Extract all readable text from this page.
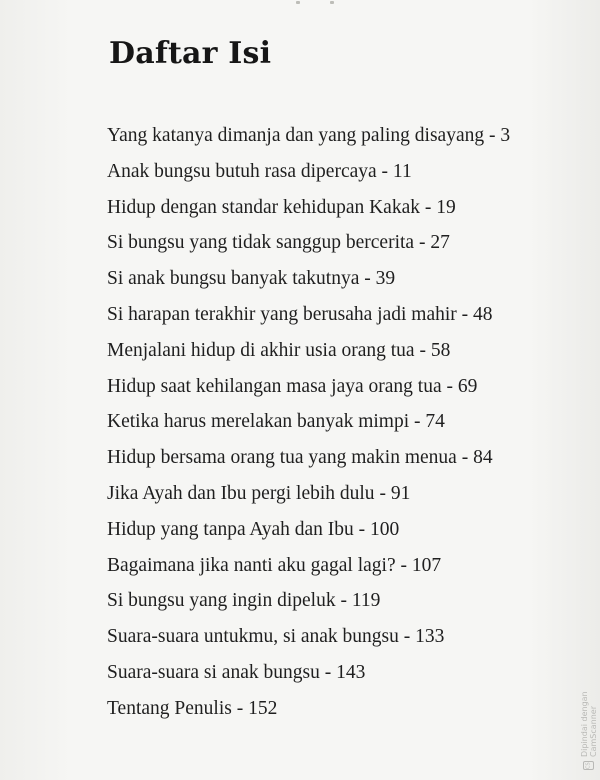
Daftar Isi
Yang katanya dimanja dan yang paling disayang - 3
Anak bungsu butuh rasa dipercaya - 11
Hidup dengan standar kehidupan Kakak - 19
Si bungsu yang tidak sanggup bercerita - 27
Si anak bungsu banyak takutnya - 39
Si harapan terakhir yang berusaha jadi mahir - 48
Menjalani hidup di akhir usia orang tua - 58
Hidup saat kehilangan masa jaya orang tua - 69
Ketika harus merelakan banyak mimpi - 74
Hidup bersama orang tua yang makin menua - 84
Jika Ayah dan Ibu pergi lebih dulu - 91
Hidup yang tanpa Ayah dan Ibu - 100
Bagaimana jika nanti aku gagal lagi? - 107
Si bungsu yang ingin dipeluk - 119
Suara-suara untukmu, si anak bungsu - 133
Suara-suara si anak bungsu - 143
Tentang Penulis - 152
CS
Dipindai dengan CamScanner
